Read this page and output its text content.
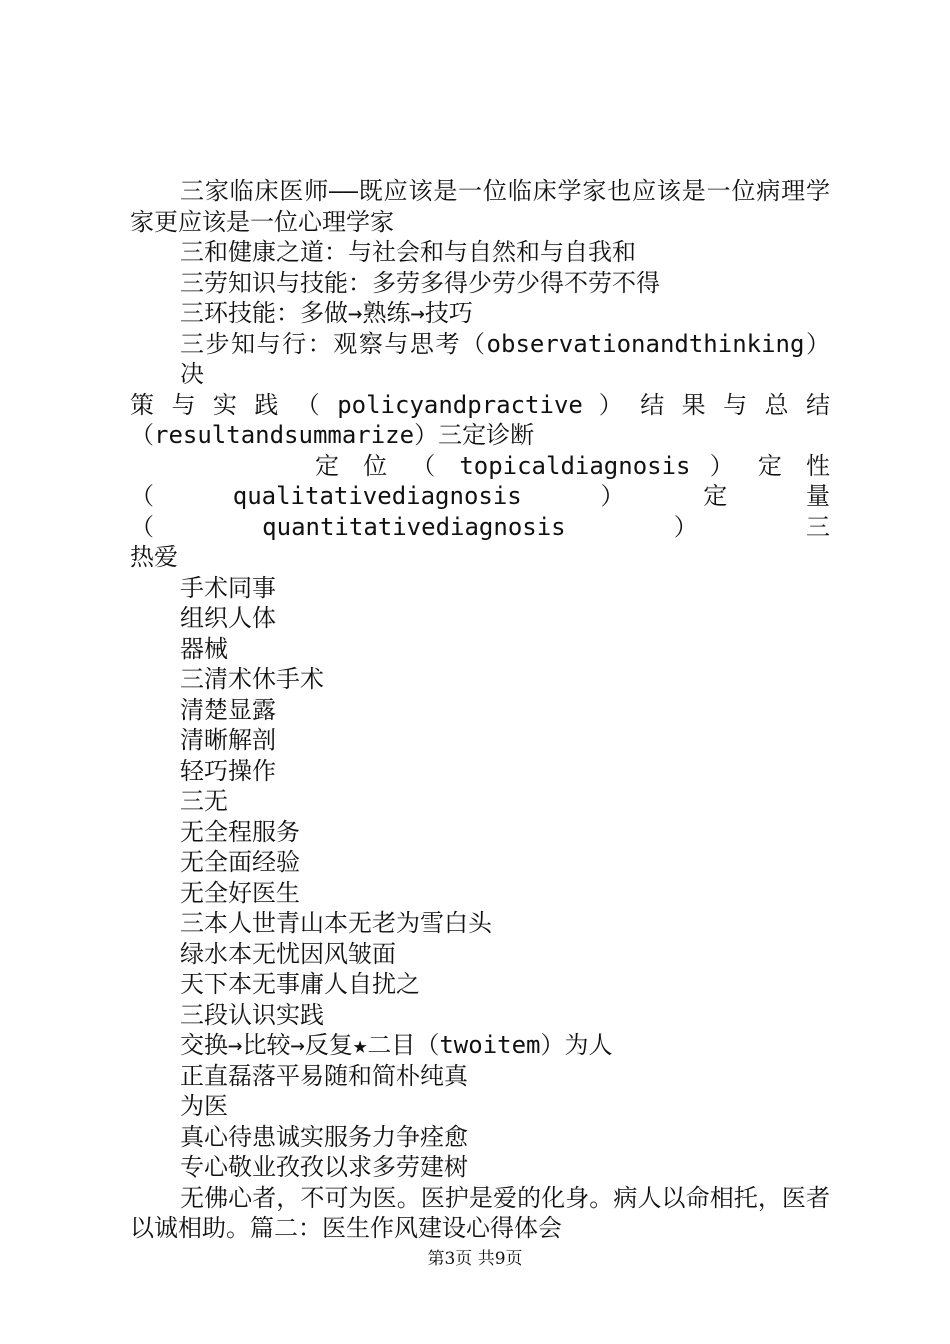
三家临床医师——既应该是一位临床学家也应该是一位病理学家更应该是一位心理学家

三和健康之道：与社会和与自然和与自我和

三劳知识与技能：多劳多得少劳少得不劳不得

三环技能：多做→熟练→技巧

三步知与行：观察与思考（observationandthinking）决
策 与 实 践 （ policyandpractive ） 结 果 与 总 结
（resultandsummarize）三定诊断
定 位 （ topicaldiagnosis ） 定 性
（qualitativediagnosis）定量（quantitativediagnosis）三
热爱
手术同事
组织人体
器械
三清术休手术
清楚显露
清晰解剖
轻巧操作
三无
无全程服务
无全面经验
无全好医生
三本人世青山本无老为雪白头
绿水本无忧因风皱面
天下本无事庸人自扰之
三段认识实践
交换→比较→反复★二目（twoitem）为人
正直磊落平易随和简朴纯真
为医
真心待患诚实服务力争痊愈
专心敬业孜孜以求多劳建树

无佛心者，不可为医。医护是爱的化身。病人以命相托，医者以诚相助。篇二：医生作风建设心得体会

第3页 共9页
